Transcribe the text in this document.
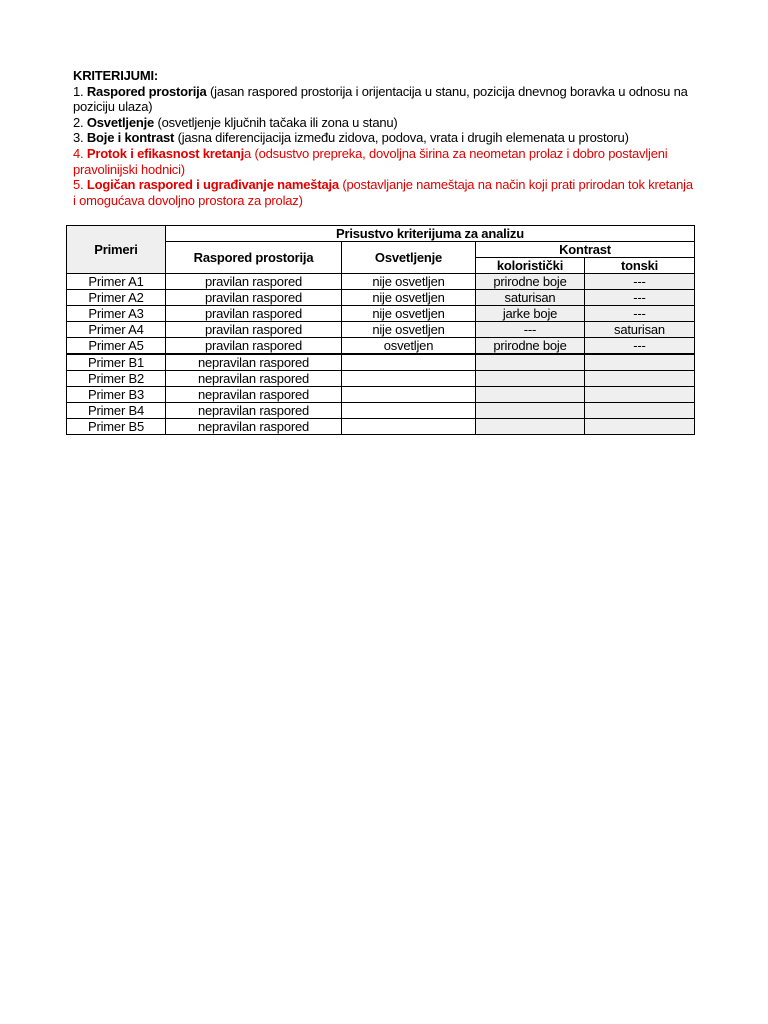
KRITERIJUMI:
1. Raspored prostorija (jasan raspored prostorija i orijentacija u stanu, pozicija dnevnog boravka u odnosu na poziciju ulaza)
2. Osvetljenje (osvetljenje ključnih tačaka ili zona u stanu)
3. Boje i kontrast (jasna diferencijacija između zidova, podova, vrata i drugih elemenata u prostoru)
4. Protok i efikasnost kretanja (odsustvo prepreka, dovoljna širina za neometan prolaz i dobro postavljeni pravolinijski hodnici)
5. Logičan raspored i ugrađivanje nameštaja (postavljanje nameštaja na način koji prati prirodan tok kretanja i omogućava dovoljno prostora za prolaz)
Primeri	Prisustvo kriterijuma za analizu			
	Raspored prostorija	Osvetljenje	Kontrast	
			koloristički	tonski
Primer A1	pravilan raspored	nije osvetljen	prirodne boje	---
Primer A2	pravilan raspored	nije osvetljen	saturisan	---
Primer A3	pravilan raspored	nije osvetljen	jarke boje	---
Primer A4	pravilan raspored	nije osvetljen	---	saturisan
Primer A5	pravilan raspored	osvetljen	prirodne boje	---
Primer B1	nepravilan raspored			
Primer B2	nepravilan raspored			
Primer B3	nepravilan raspored			
Primer B4	nepravilan raspored			
Primer B5	nepravilan raspored			
